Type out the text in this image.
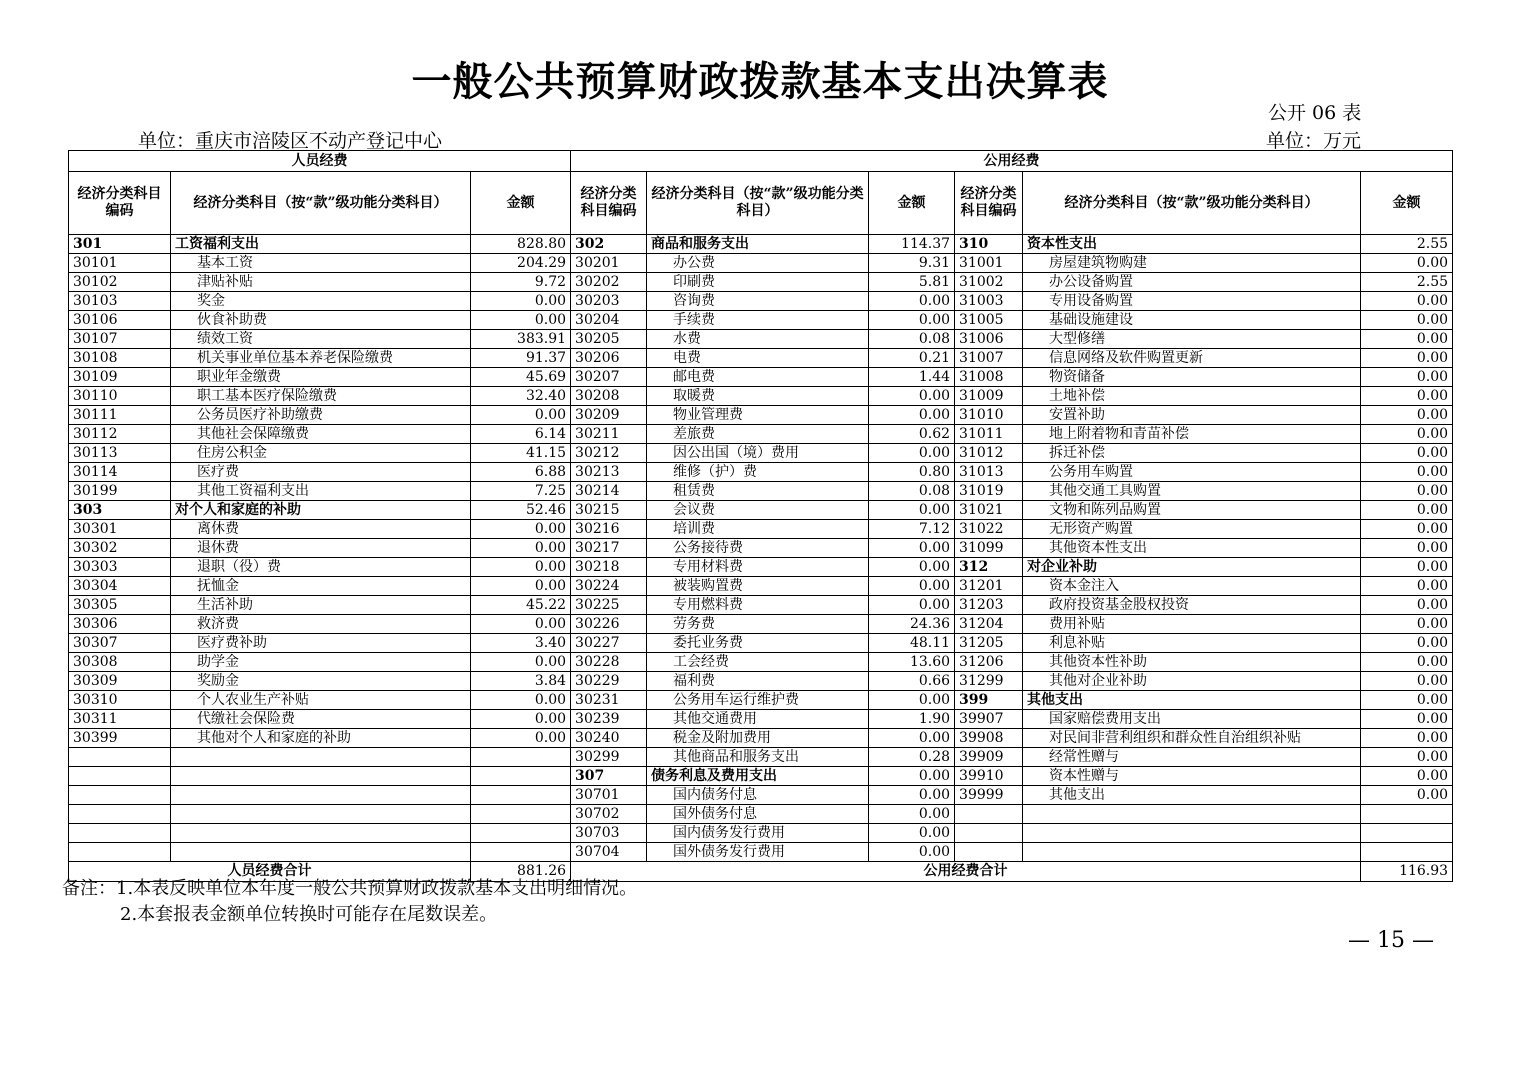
一般公共预算财政拨款基本支出决算表
公开 06 表
单位：重庆市涪陵区不动产登记中心	单位：万元
人员经费			公用经费					
经济分类科目编码	经济分类科目（按“款”级功能分类科目）	金额	经济分类科目编码	经济分类科目（按“款”级功能分类科目）	金额	经济分类科目编码	经济分类科目（按“款”级功能分类科目）	金额
301	工资福利支出	828.80	302	商品和服务支出	114.37	310	资本性支出	2.55
30101	基本工资	204.29	30201	办公费	9.31	31001	房屋建筑物购建	0.00
30102	津贴补贴	9.72	30202	印刷费	5.81	31002	办公设备购置	2.55
30103	奖金	0.00	30203	咨询费	0.00	31003	专用设备购置	0.00
30106	伙食补助费	0.00	30204	手续费	0.00	31005	基础设施建设	0.00
30107	绩效工资	383.91	30205	水费	0.08	31006	大型修缮	0.00
30108	机关事业单位基本养老保险缴费	91.37	30206	电费	0.21	31007	信息网络及软件购置更新	0.00
30109	职业年金缴费	45.69	30207	邮电费	1.44	31008	物资储备	0.00
30110	职工基本医疗保险缴费	32.40	30208	取暖费	0.00	31009	土地补偿	0.00
30111	公务员医疗补助缴费	0.00	30209	物业管理费	0.00	31010	安置补助	0.00
30112	其他社会保障缴费	6.14	30211	差旅费	0.62	31011	地上附着物和青苗补偿	0.00
30113	住房公积金	41.15	30212	因公出国（境）费用	0.00	31012	拆迁补偿	0.00
30114	医疗费	6.88	30213	维修（护）费	0.80	31013	公务用车购置	0.00
30199	其他工资福利支出	7.25	30214	租赁费	0.08	31019	其他交通工具购置	0.00
303	对个人和家庭的补助	52.46	30215	会议费	0.00	31021	文物和陈列品购置	0.00
30301	离休费	0.00	30216	培训费	7.12	31022	无形资产购置	0.00
30302	退休费	0.00	30217	公务接待费	0.00	31099	其他资本性支出	0.00
30303	退职（役）费	0.00	30218	专用材料费	0.00	312	对企业补助	0.00
30304	抚恤金	0.00	30224	被装购置费	0.00	31201	资本金注入	0.00
30305	生活补助	45.22	30225	专用燃料费	0.00	31203	政府投资基金股权投资	0.00
30306	救济费	0.00	30226	劳务费	24.36	31204	费用补贴	0.00
30307	医疗费补助	3.40	30227	委托业务费	48.11	31205	利息补贴	0.00
30308	助学金	0.00	30228	工会经费	13.60	31206	其他资本性补助	0.00
30309	奖励金	3.84	30229	福利费	0.66	31299	其他对企业补助	0.00
30310	个人农业生产补贴	0.00	30231	公务用车运行维护费	0.00	399	其他支出	0.00
30311	代缴社会保险费	0.00	30239	其他交通费用	1.90	39907	国家赔偿费用支出	0.00
30399	其他对个人和家庭的补助	0.00	30240	税金及附加费用	0.00	39908	对民间非营利组织和群众性自治组织补贴	0.00
			30299	其他商品和服务支出	0.28	39909	经常性赠与	0.00
			307	债务利息及费用支出	0.00	39910	资本性赠与	0.00
			30701	国内债务付息	0.00	39999	其他支出	0.00
			30702	国外债务付息	0.00			
			30703	国内债务发行费用	0.00			
			30704	国外债务发行费用	0.00			
人员经费合计		881.26	公用经费合计					116.93
备注：1.本表反映单位本年度一般公共预算财政拨款基本支出明细情况。
2.本套报表金额单位转换时可能存在尾数误差。
— 15 —
